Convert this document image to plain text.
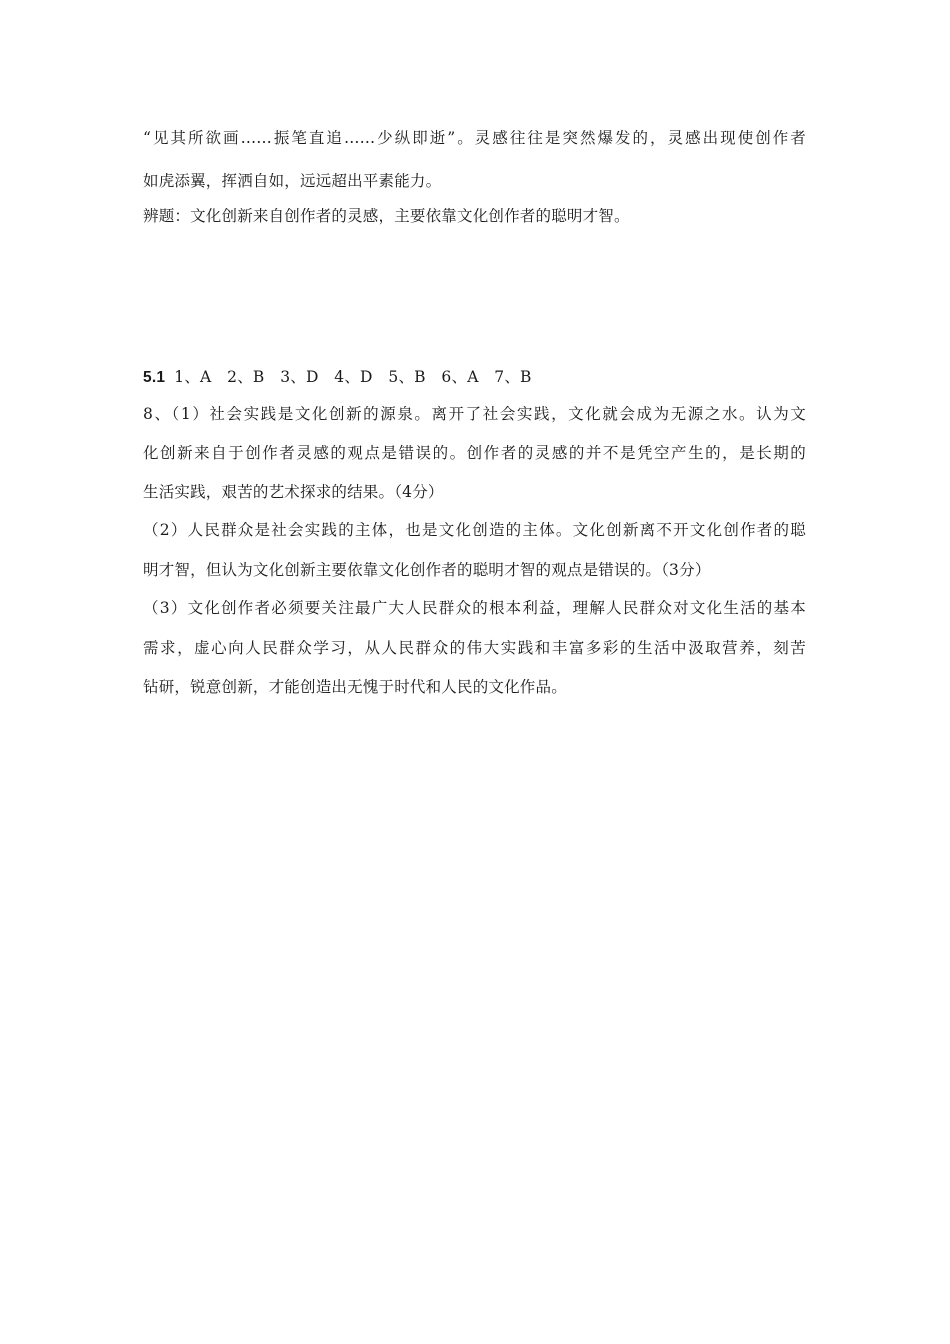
“见其所欲画……振笔直追……少纵即逝”。灵感往往是突然爆发的，灵感出现使创作者
如虎添翼，挥洒自如，远远超出平素能力。
辨题：文化创新来自创作者的灵感，主要依靠文化创作者的聪明才智。
5.1 1、A　2、B　3、D　4、D　5、B　6、A　7、B
8、（1）社会实践是文化创新的源泉。离开了社会实践，文化就会成为无源之水。认为文
化创新来自于创作者灵感的观点是错误的。创作者的灵感的并不是凭空产生的，是长期的
生活实践，艰苦的艺术探求的结果。（4分）
（2）人民群众是社会实践的主体，也是文化创造的主体。文化创新离不开文化创作者的聪
明才智，但认为文化创新主要依靠文化创作者的聪明才智的观点是错误的。（3分）
（3）文化创作者必须要关注最广大人民群众的根本利益，理解人民群众对文化生活的基本
需求，虚心向人民群众学习，从人民群众的伟大实践和丰富多彩的生活中汲取营养，刻苦
钻研，锐意创新，才能创造出无愧于时代和人民的文化作品。
